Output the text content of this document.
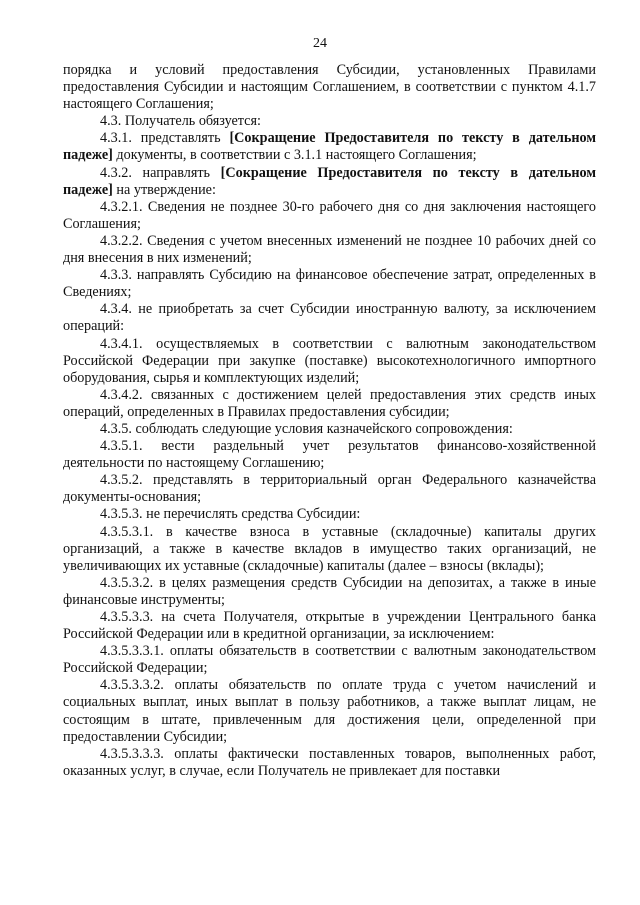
24

порядка и условий предоставления Субсидии, установленных Правилами предоставления Субсидии и настоящим Соглашением, в соответствии с пунктом 4.1.7 настоящего Соглашения;

4.3. Получатель обязуется:

4.3.1. представлять [Сокращение Предоставителя по тексту в дательном падеже] документы, в соответствии с 3.1.1 настоящего Соглашения;

4.3.2. направлять [Сокращение Предоставителя по тексту в дательном падеже] на утверждение:

4.3.2.1. Сведения не позднее 30-го рабочего дня со дня заключения настоящего Соглашения;

4.3.2.2. Сведения с учетом внесенных изменений не позднее 10 рабочих дней со дня внесения в них изменений;

4.3.3. направлять Субсидию на финансовое обеспечение затрат, определенных в Сведениях;

4.3.4. не приобретать за счет Субсидии иностранную валюту, за исключением операций:

4.3.4.1. осуществляемых в соответствии с валютным законодательством Российской Федерации при закупке (поставке) высокотехнологичного импортного оборудования, сырья и комплектующих изделий;

4.3.4.2. связанных с достижением целей предоставления этих средств иных операций, определенных в Правилах предоставления субсидии;

4.3.5. соблюдать следующие условия казначейского сопровождения:

4.3.5.1. вести раздельный учет результатов финансово-хозяйственной деятельности по настоящему Соглашению;

4.3.5.2. представлять в территориальный орган Федерального казначейства документы-основания;

4.3.5.3. не перечислять средства Субсидии:

4.3.5.3.1. в качестве взноса в уставные (складочные) капиталы других организаций, а также в качестве вкладов в имущество таких организаций, не увеличивающих их уставные (складочные) капиталы (далее – взносы (вклады);

4.3.5.3.2. в целях размещения средств Субсидии на депозитах, а также в иные финансовые инструменты;

4.3.5.3.3. на счета Получателя, открытые в учреждении Центрального банка Российской Федерации или в кредитной организации, за исключением:

4.3.5.3.3.1. оплаты обязательств в соответствии с валютным законодательством Российской Федерации;

4.3.5.3.3.2. оплаты обязательств по оплате труда с учетом начислений и социальных выплат, иных выплат в пользу работников, а также выплат лицам, не состоящим в штате, привлеченным для достижения цели, определенной при предоставлении Субсидии;

4.3.5.3.3.3. оплаты фактически поставленных товаров, выполненных работ, оказанных услуг, в случае, если Получатель не привлекает для поставки
